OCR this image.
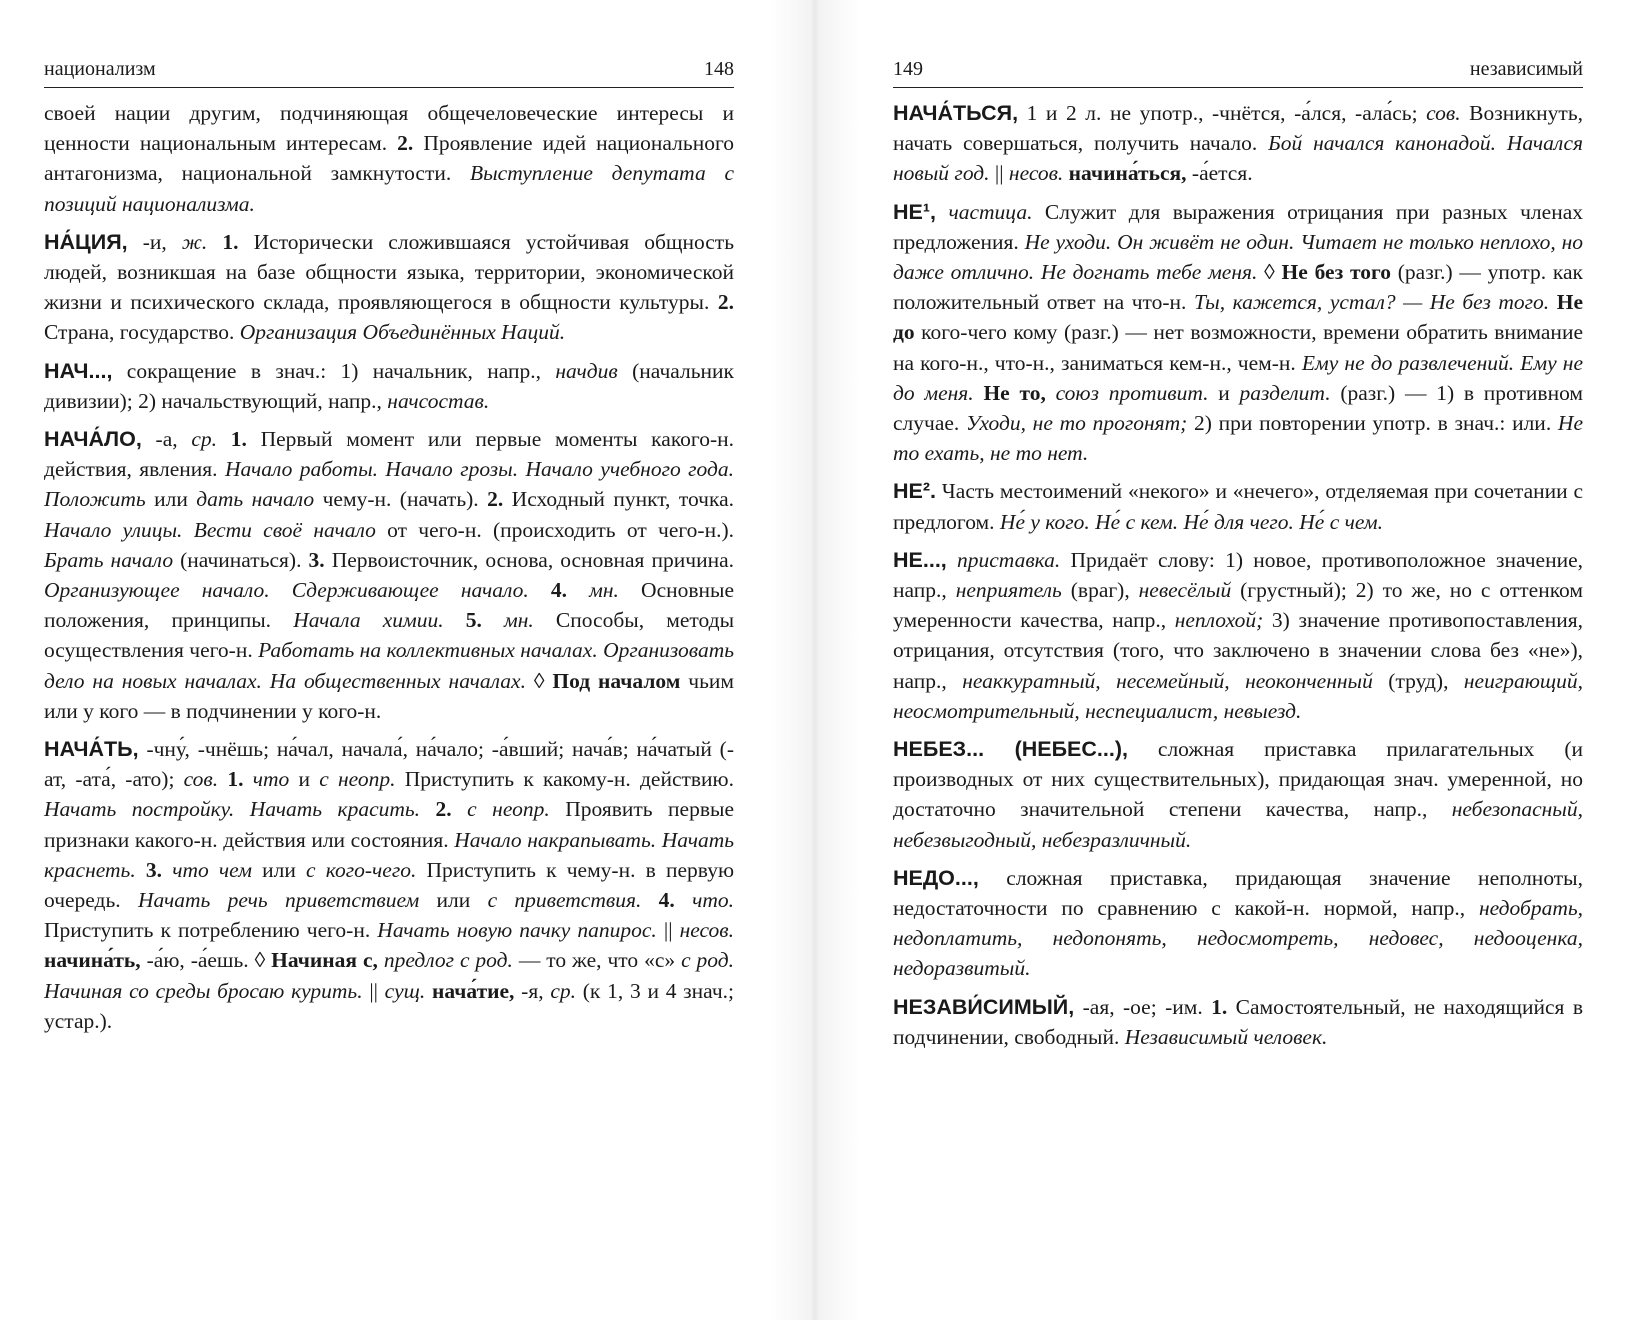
национализм	148

своей нации другим, подчиняющая общечеловеческие интересы и ценности национальным интересам. 2. Проявление идей национального антагонизма, национальной замкнутости. Выступление депутата с позиций национализма.

НА́ЦИЯ, -и, ж. 1. Исторически сложившаяся устойчивая общность людей, возникшая на базе общности языка, территории, экономической жизни и психического склада, проявляющегося в общности культуры. 2. Страна, государство. Организация Объединённых Наций.

НАЧ..., сокращение в знач.: 1) начальник, напр., начдив (начальник дивизии); 2) начальствующий, напр., начсостав.

НАЧА́ЛО, -а, ср. 1. Первый момент или первые моменты какого-н. действия, явления. Начало работы. Начало грозы. Начало учебного года. Положить или дать начало чему-н. (начать). 2. Исходный пункт, точка. Начало улицы. Вести своё начало от чего-н. (происходить от чего-н.). Брать начало (начинаться). 3. Первоисточник, основа, основная причина. Организующее начало. Сдерживающее начало. 4. мн. Основные положения, принципы. Начала химии. 5. мн. Способы, методы осуществления чего-н. Работать на коллективных началах. Организовать дело на новых началах. На общественных началах. ◊ Под началом чьим или у кого — в подчинении у кого-н.

НАЧА́ТЬ, -чну́, -чнёшь; на́чал, начала́, на́чало; -а́вший; нача́в; на́чатый (-ат, -ата́, -ато); сов. 1. что и с неопр. Приступить к какому-н. действию. Начать постройку. Начать красить. 2. с неопр. Проявить первые признаки какого-н. действия или состояния. Начало накрапывать. Начать краснеть. 3. что чем или с кого-чего. Приступить к чему-н. в первую очередь. Начать речь приветствием или с приветствия. 4. что. Приступить к потреблению чего-н. Начать новую пачку папирос. || несов. начина́ть, -а́ю, -а́ешь. ◊ Начиная с, предлог с род. — то же, что «с» с род. Начиная со среды бросаю курить. || сущ. нача́тие, -я, ср. (к 1, 3 и 4 знач.; устар.).

149	независимый

НАЧА́ТЬСЯ, 1 и 2 л. не употр., -чнётся, -а́лся, -ала́сь; сов. Возникнуть, начать совершаться, получить начало. Бой начался канонадой. Начался новый год. || несов. начина́ться, -а́ется.

НЕ¹, частица. Служит для выражения отрицания при разных членах предложения. Не уходи. Он живёт не один. Читает не только неплохо, но даже отлично. Не догнать тебе меня. ◊ Не без того (разг.) — употр. как положительный ответ на что-н. Ты, кажется, устал? — Не без того. Не до кого-чего кому (разг.) — нет возможности, времени обратить внимание на кого-н., что-н., заниматься кем-н., чем-н. Ему не до развлечений. Ему не до меня. Не то, союз противит. и разделит. (разг.) — 1) в противном случае. Уходи, не то прогонят; 2) при повторении употр. в знач.: или. Не то ехать, не то нет.

НЕ². Часть местоимений «некого» и «нечего», отделяемая при сочетании с предлогом. Не́ у кого. Не́ с кем. Не́ для чего. Не́ с чем.

НЕ..., приставка. Придаёт слову: 1) новое, противоположное значение, напр., неприятель (враг), невесёлый (грустный); 2) то же, но с оттенком умеренности качества, напр., неплохой; 3) значение противопоставления, отрицания, отсутствия (того, что заключено в значении слова без «не»), напр., неаккуратный, несемейный, неоконченный (труд), неиграющий, неосмотрительный, неспециалист, невыезд.

НЕБЕЗ... (НЕБЕС...), сложная приставка прилагательных (и производных от них существительных), придающая знач. умеренной, но достаточно значительной степени качества, напр., небезопасный, небезвыгодный, небезразличный.

НЕДО..., сложная приставка, придающая значение неполноты, недостаточности по сравнению с какой-н. нормой, напр., недобрать, недоплатить, недопонять, недосмотреть, недовес, недооценка, недоразвитый.

НЕЗАВИ́СИМЫЙ, -ая, -ое; -им. 1. Самостоятельный, не находящийся в подчинении, свободный. Независимый человек.
